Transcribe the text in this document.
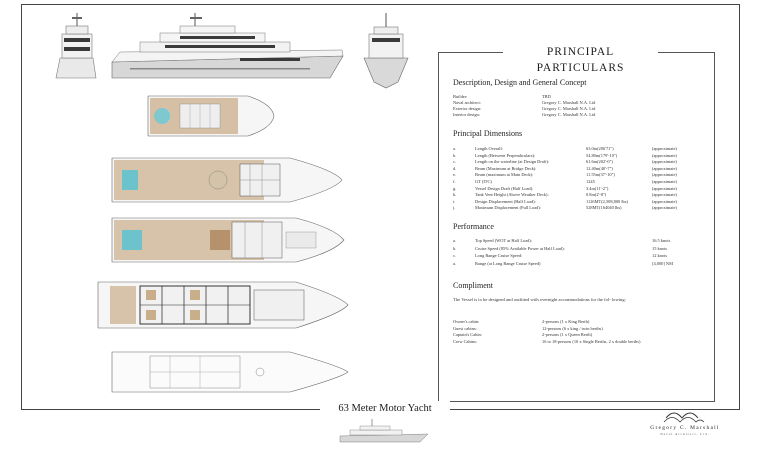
PRINCIPAL PARTICULARS
Description, Design and General Concept
Builder:	TBD
Naval architect:	Gregory C. Marshall N.A. Ltd
Exterior design:	Gregory C. Marshall N.A. Ltd
Interior design:	Gregory C. Marshall N.A. Ltd
Principal Dimensions
a.	Length Overall:	63.0m(206'71")	(approximate)
b.	Length (Between Perpendiculars):	54.80m(179'-10")	(approximate)
c.	Length on the waterline (at Design Draft):	61.6m(202'-0")	(approximate)
d.	Beam (Maximum at Bridge Deck):	12.40m(40'-7")	(approximate)
e.	Beam (maximum at Main Deck):	11.55m(37'-10")	(approximate)
f.	GT (ITC)	1245	(approximate)
g.	Vessel Design Draft (Half Load):	3.4m(11'-2")	(approximate)
h.	Tank Vent Height (Above Weather Deck):	0.8m(2'-8")	(approximate)
i.	Design Displacement (Half Load):	1126MT(2,508,800 lbs)	(approximate)
j.	Maximum Displacement (Full Load):	528MT(164040 lbs)	(approximate)
Performance
a.	Top Speed (WOT at Half Load):	16.5 knots
b.	Cruise Speed (85% Available Power at Half Load):	15 knots
c.	Long Range Cruise Speed:	12 knots
a.	Range (at Long Range Cruise Speed)	[4,000] NM
Compliment
The Vessel is to be designed and outfitted with overnight accommodations for the fol- lowing:
Owner's cabin:	2-persons (1 x King Berth)
Guest cabins:	12-persons (6 x king / twin berths)
Captain's Cabin:	2-persons (1 x Queen Berth)
Crew Cabins:	16 to 18-persons (10 x Single Berths, 2 x double berths)
63 Meter Motor Yacht
Gregory C. Marshall
Naval Architect, Ltd.
